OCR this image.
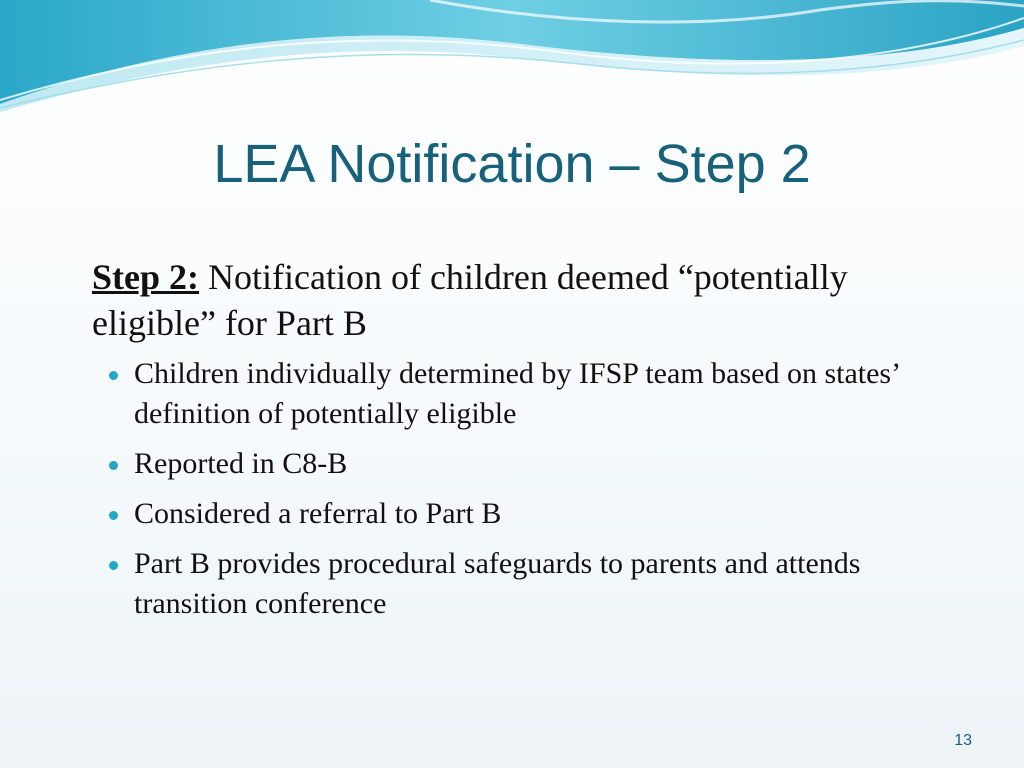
LEA Notification – Step 2

Step 2: Notification of children deemed “potentially eligible” for Part B

Children individually determined by IFSP team based on states’ definition of potentially eligible
Reported in C8-B
Considered a referral to Part B
Part B provides procedural safeguards to parents and attends transition conference
13
